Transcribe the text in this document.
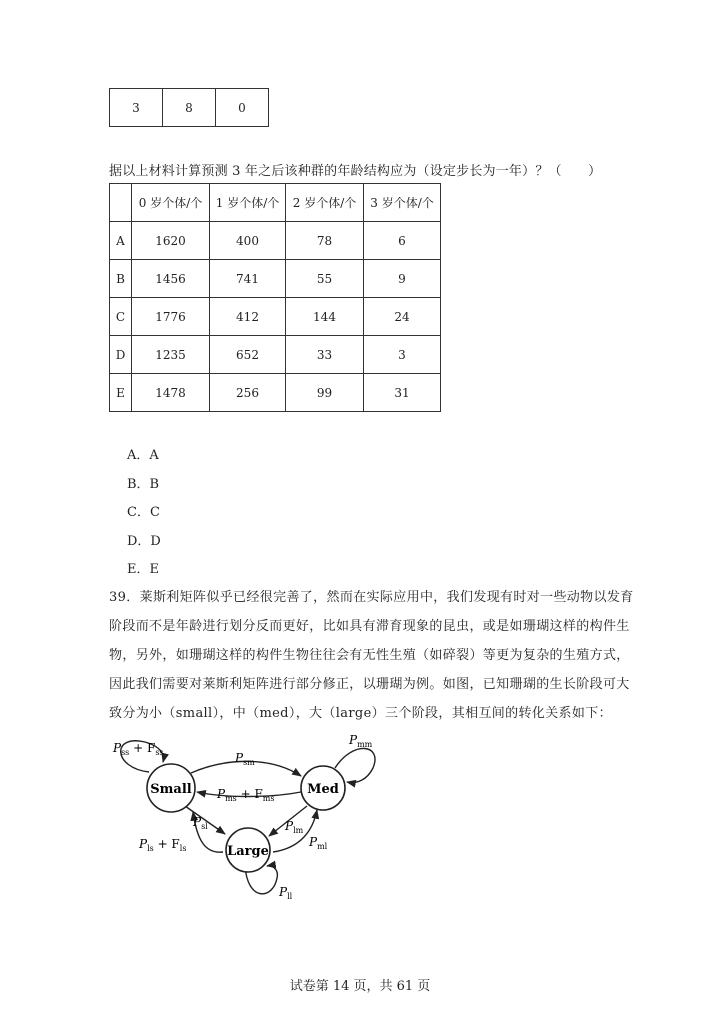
3	8	0
据以上材料计算预测 3 年之后该种群的年龄结构应为（设定步长为一年）？（　　）
	0 岁个体/个	1 岁个体/个	2 岁个体/个	3 岁个体/个
A	1620	400	78	6
B	1456	741	55	9
C	1776	412	144	24
D	1235	652	33	3
E	1478	256	99	31
A．A
B．B
C．C
D．D
E．E
39．莱斯利矩阵似乎已经很完善了，然而在实际应用中，我们发现有时对一些动物以发育
阶段而不是年龄进行划分反而更好，比如具有滞育现象的昆虫，或是如珊瑚这样的构件生
物，另外，如珊瑚这样的构件生物往往会有无性生殖（如碎裂）等更为复杂的生殖方式，
因此我们需要对莱斯利矩阵进行部分修正，以珊瑚为例。如图，已知珊瑚的生长阶段可大
致分为小（small），中（med），大（large）三个阶段，其相互间的转化关系如下：
Small	Med
Large
$P_{ss} + F_{ss}$	$P_{sm}$
$P_{ms} + F_{ms}$
$P_{mm}$
$P_{sl}$	$P_{lm}$
$P_{ml}$
$P_{ls} + F_{ls}$
$P_{ll}$
试卷第 14 页，共 61 页
